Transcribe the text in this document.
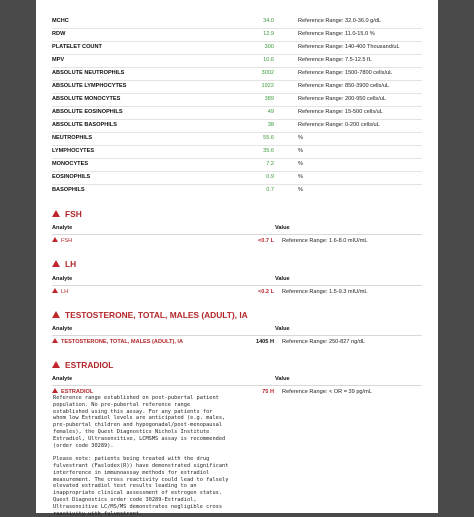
MCHC	34.0	Reference Range: 32.0-36.0 g/dL
RDW	12.9	Reference Range: 11.0-15.0 %
PLATELET COUNT	300	Reference Range: 140-400 Thousand/uL
MPV	10.6	Reference Range: 7.5-12.5 fL
ABSOLUTE NEUTROPHILS	3002	Reference Range: 1500-7800 cells/uL
ABSOLUTE LYMPHOCYTES	1922	Reference Range: 850-3900 cells/uL
ABSOLUTE MONOCYTES	389	Reference Range: 200-950 cells/uL
ABSOLUTE EOSINOPHILS	49	Reference Range: 15-500 cells/uL
ABSOLUTE BASOPHILS	38	Reference Range: 0-200 cells/uL
NEUTROPHILS	55.6	%
LYMPHOCYTES	35.6	%
MONOCYTES	7.2	%
EOSINOPHILS	0.9	%
BASOPHILS	0.7	%
FSH
Analyte	Value
FSH	<0.7 L Reference Range: 1.6-8.0 mIU/mL
LH
Analyte	Value
LH	<0.2 L Reference Range: 1.5-9.3 mIU/mL
TESTOSTERONE, TOTAL, MALES (ADULT), IA
Analyte	Value
TESTOSTERONE, TOTAL, MALES (ADULT), IA	1405 H Reference Range: 250-827 ng/dL
ESTRADIOL
Analyte	Value
ESTRADIOL	75 H Reference Range: < OR = 39 pg/mL
Reference range established on post-pubertal patient
population. No pre-pubertal reference range
established using this assay. For any patients for
whom low Estradiol levels are anticipated (e.g. males,
pre-pubertal children and hypogonadal/post-menopausal
females), the Quest Diagnostics Nichols Institute
Estradiol, Ultrasensitive, LCMSMS assay is recommended
(order code 30289).

Please note: patients being treated with the drug
fulvestrant (Faslodex(R)) have demonstrated significant
interference in immunoassay methods for estradiol
measurement. The cross reactivity could lead to falsely
elevated estradiol test results leading to an
inappropriate clinical assessment of estrogen status.
Quest Diagnostics order code 30289-Estradiol,
Ultrasensitive LC/MS/MS demonstrates negligible cross
reactivity with fulvestrant.
